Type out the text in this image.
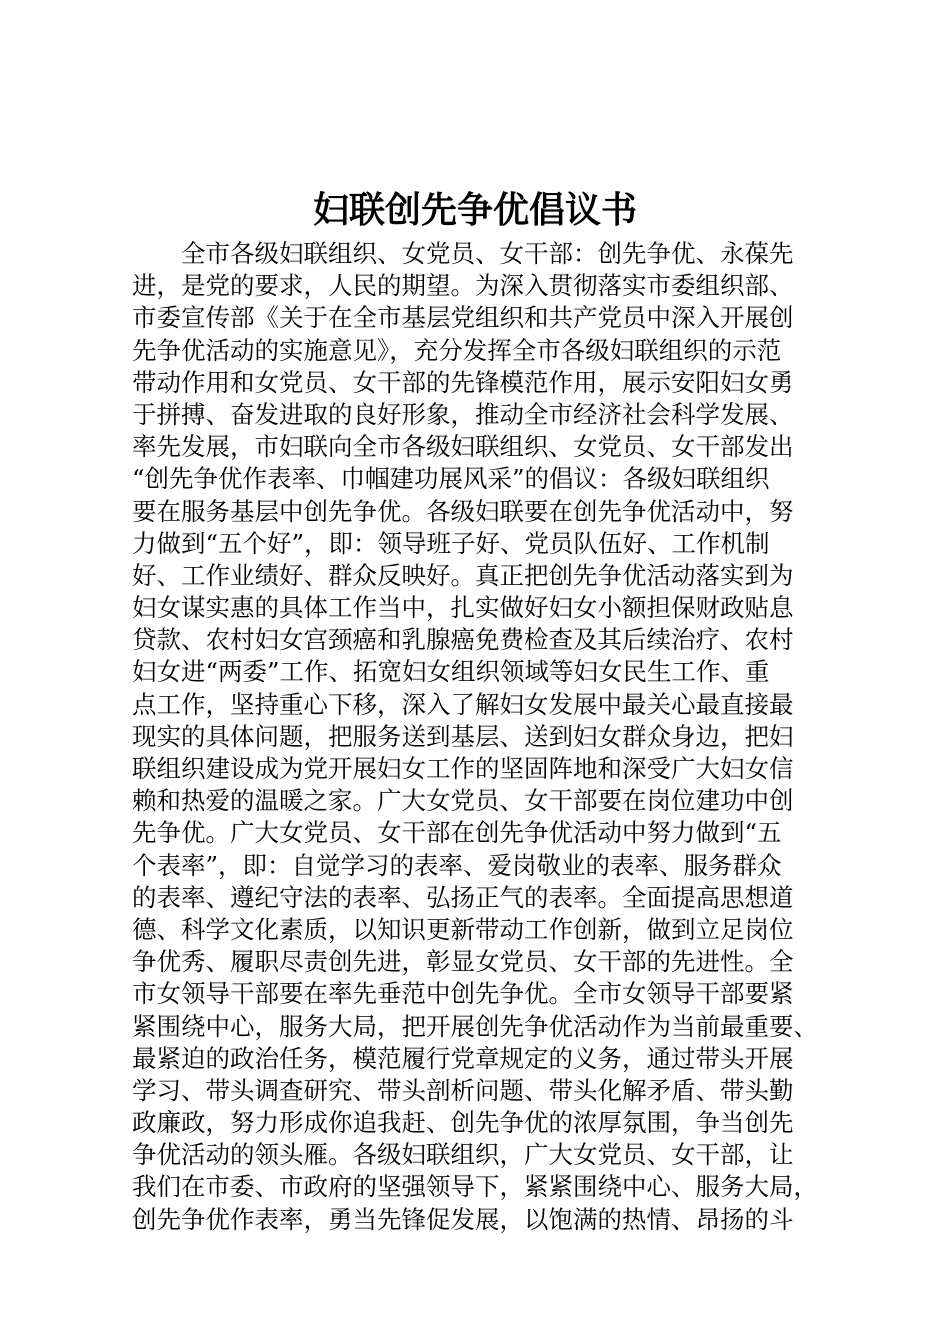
妇联创先争优倡议书
　　全市各级妇联组织、女党员、女干部：创先争优、永葆先
进，是党的要求，人民的期望。为深入贯彻落实市委组织部、
市委宣传部《关于在全市基层党组织和共产党员中深入开展创
先争优活动的实施意见》，充分发挥全市各级妇联组织的示范
带动作用和女党员、女干部的先锋模范作用，展示安阳妇女勇
于拼搏、奋发进取的良好形象，推动全市经济社会科学发展、
率先发展，市妇联向全市各级妇联组织、女党员、女干部发出
“创先争优作表率、巾帼建功展风采”的倡议：各级妇联组织
要在服务基层中创先争优。各级妇联要在创先争优活动中，努
力做到“五个好”，即：领导班子好、党员队伍好、工作机制
好、工作业绩好、群众反映好。真正把创先争优活动落实到为
妇女谋实惠的具体工作当中，扎实做好妇女小额担保财政贴息
贷款、农村妇女宫颈癌和乳腺癌免费检查及其后续治疗、农村
妇女进“两委”工作、拓宽妇女组织领域等妇女民生工作、重
点工作，坚持重心下移，深入了解妇女发展中最关心最直接最
现实的具体问题，把服务送到基层、送到妇女群众身边，把妇
联组织建设成为党开展妇女工作的坚固阵地和深受广大妇女信
赖和热爱的温暖之家。广大女党员、女干部要在岗位建功中创
先争优。广大女党员、女干部在创先争优活动中努力做到“五
个表率”，即：自觉学习的表率、爱岗敬业的表率、服务群众
的表率、遵纪守法的表率、弘扬正气的表率。全面提高思想道
德、科学文化素质，以知识更新带动工作创新，做到立足岗位
争优秀、履职尽责创先进，彰显女党员、女干部的先进性。全
市女领导干部要在率先垂范中创先争优。全市女领导干部要紧
紧围绕中心，服务大局，把开展创先争优活动作为当前最重要、
最紧迫的政治任务，模范履行党章规定的义务，通过带头开展
学习、带头调查研究、带头剖析问题、带头化解矛盾、带头勤
政廉政，努力形成你追我赶、创先争优的浓厚氛围，争当创先
争优活动的领头雁。各级妇联组织，广大女党员、女干部，让
我们在市委、市政府的坚强领导下，紧紧围绕中心、服务大局，
创先争优作表率，勇当先锋促发展，以饱满的热情、昂扬的斗
